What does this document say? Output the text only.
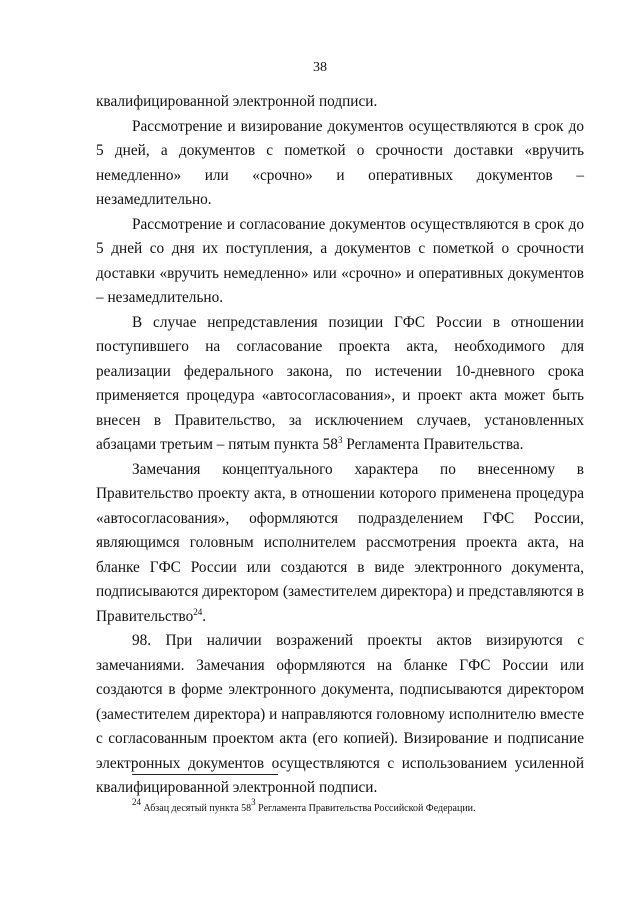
38

квалифицированной электронной подписи.

Рассмотрение и визирование документов осуществляются в срок до 5 дней, а документов с пометкой о срочности доставки «вручить немедленно» или «срочно» и оперативных документов – незамедлительно.

Рассмотрение и согласование документов осуществляются в срок до 5 дней со дня их поступления, а документов с пометкой о срочности доставки «вручить немедленно» или «срочно» и оперативных документов – незамедлительно.

В случае непредставления позиции ГФС России в отношении поступившего на согласование проекта акта, необходимого для реализации федерального закона, по истечении 10-дневного срока применяется процедура «автосогласования», и проект акта может быть внесен в Правительство, за исключением случаев, установленных абзацами третьим – пятым пункта $58^3$ Регламента Правительства.

Замечания концептуального характера по внесенному в Правительство проекту акта, в отношении которого применена процедура «автосогласования», оформляются подразделением ГФС России, являющимся головным исполнителем рассмотрения проекта акта, на бланке ГФС России или создаются в виде электронного документа, подписываются директором (заместителем директора) и представляются в Правительство$^{24}$.

98. При наличии возражений проекты актов визируются с замечаниями. Замечания оформляются на бланке ГФС России или создаются в форме электронного документа, подписываются директором (заместителем директора) и направляются головному исполнителю вместе с согласованным проектом акта (его копией). Визирование и подписание электронных документов осуществляются с использованием усиленной квалифицированной электронной подписи.

$^{24}$ Абзац десятый пункта $58^3$ Регламента Правительства Российской Федерации.
